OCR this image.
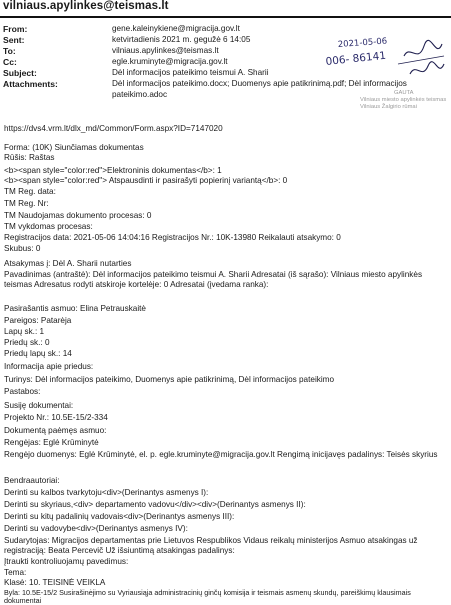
vilniaus.apylinkes@teismas.lt
From:	gene.kaleinykiene@migracija.gov.lt
Sent:	ketvirtadienis 2021 m. gegužė 6 14:05
To:	vilniaus.apylinkes@teismas.lt
Cc:	egle.kruminyte@migracija.gov.lt
Subject:	Dėl informacijos pateikimo teismui A. Sharii
Attachments:	Dėl informacijos pateikimo.docx; Duomenys apie patikrinimą.pdf; Dėl informacijos pateikimo.adoc
2021-05-06
006- 86141
GAUTA
Vilniaus miesto apylinkės teismas
Vilniaus Žalgirio rūmai
https://dvs4.vrm.lt/dlx_md/Common/Form.aspx?ID=7147020
Forma: (10K) Siunčiamas dokumentas
Rūšis: Raštas
<b><span style="color:red">Elektroninis dokumentas</b>: 1
<b><span style="color:red"> Atspausdinti ir pasirašyti popierinį variantą</b>: 0
TM Reg. data:
TM Reg. Nr:
TM Naudojamas dokumento procesas: 0
TM vykdomas procesas:
Registracijos data: 2021-05-06 14:04:16 Registracijos Nr.: 10K-13980 Reikalauti atsakymo: 0
Skubus: 0
Atsakymas į: Dėl A. Sharii nutarties
Pavadinimas (antraštė): Dėl informacijos pateikimo teismui A. Sharii Adresatai (iš sąrašo): Vilniaus miesto apylinkės teismas Adresatus rodyti atskiroje kortelėje: 0 Adresatai (įvedama ranka):
Pasirašantis asmuo: Elina Petrauskaitė
Pareigos: Patarėja
Lapų sk.: 1
Priedų sk.: 0
Priedų lapų sk.: 14
Informacija apie priedus:
Turinys: Dėl informacijos pateikimo, Duomenys apie patikrinimą, Dėl informacijos pateikimo
Pastabos:
Susiję dokumentai:
Projekto Nr.: 10.5E-15/2-334
Dokumentą paėmęs asmuo:
Rengėjas: Eglė Krūminytė
Rengėjo duomenys: Eglė Krūminytė, el. p. egle.kruminyte@migracija.gov.lt Rengimą inicijavęs padalinys: Teisės skyrius
Bendraautoriai:
Derinti su kalbos tvarkytoju<div>(Derinantys asmenys I):
Derinti su skyriaus,<div> departamento vadovu</div><div>(Derinantys asmenys II):
Derinti su kitų padalinių vadovais<div>(Derinantys asmenys III):
Derinti su vadovybe<div>(Derinantys asmenys IV):
Sudarytojas: Migracijos departamentas prie Lietuvos Respublikos Vidaus reikalų ministerijos Asmuo atsakingas už registraciją: Beata Percevič Už išsiuntimą atsakingas padalinys:
Įtraukti kontroliuojamų pavedimus:
Tema:
Klasė: 10. TEISINĖ VEIKLA
Byla: 10.5E-15/2 Susirašinėjimo su Vyriausiąja administracinių ginčų komisija ir teismais asmenų skundų, pareiškimų klausimais dokumentai
